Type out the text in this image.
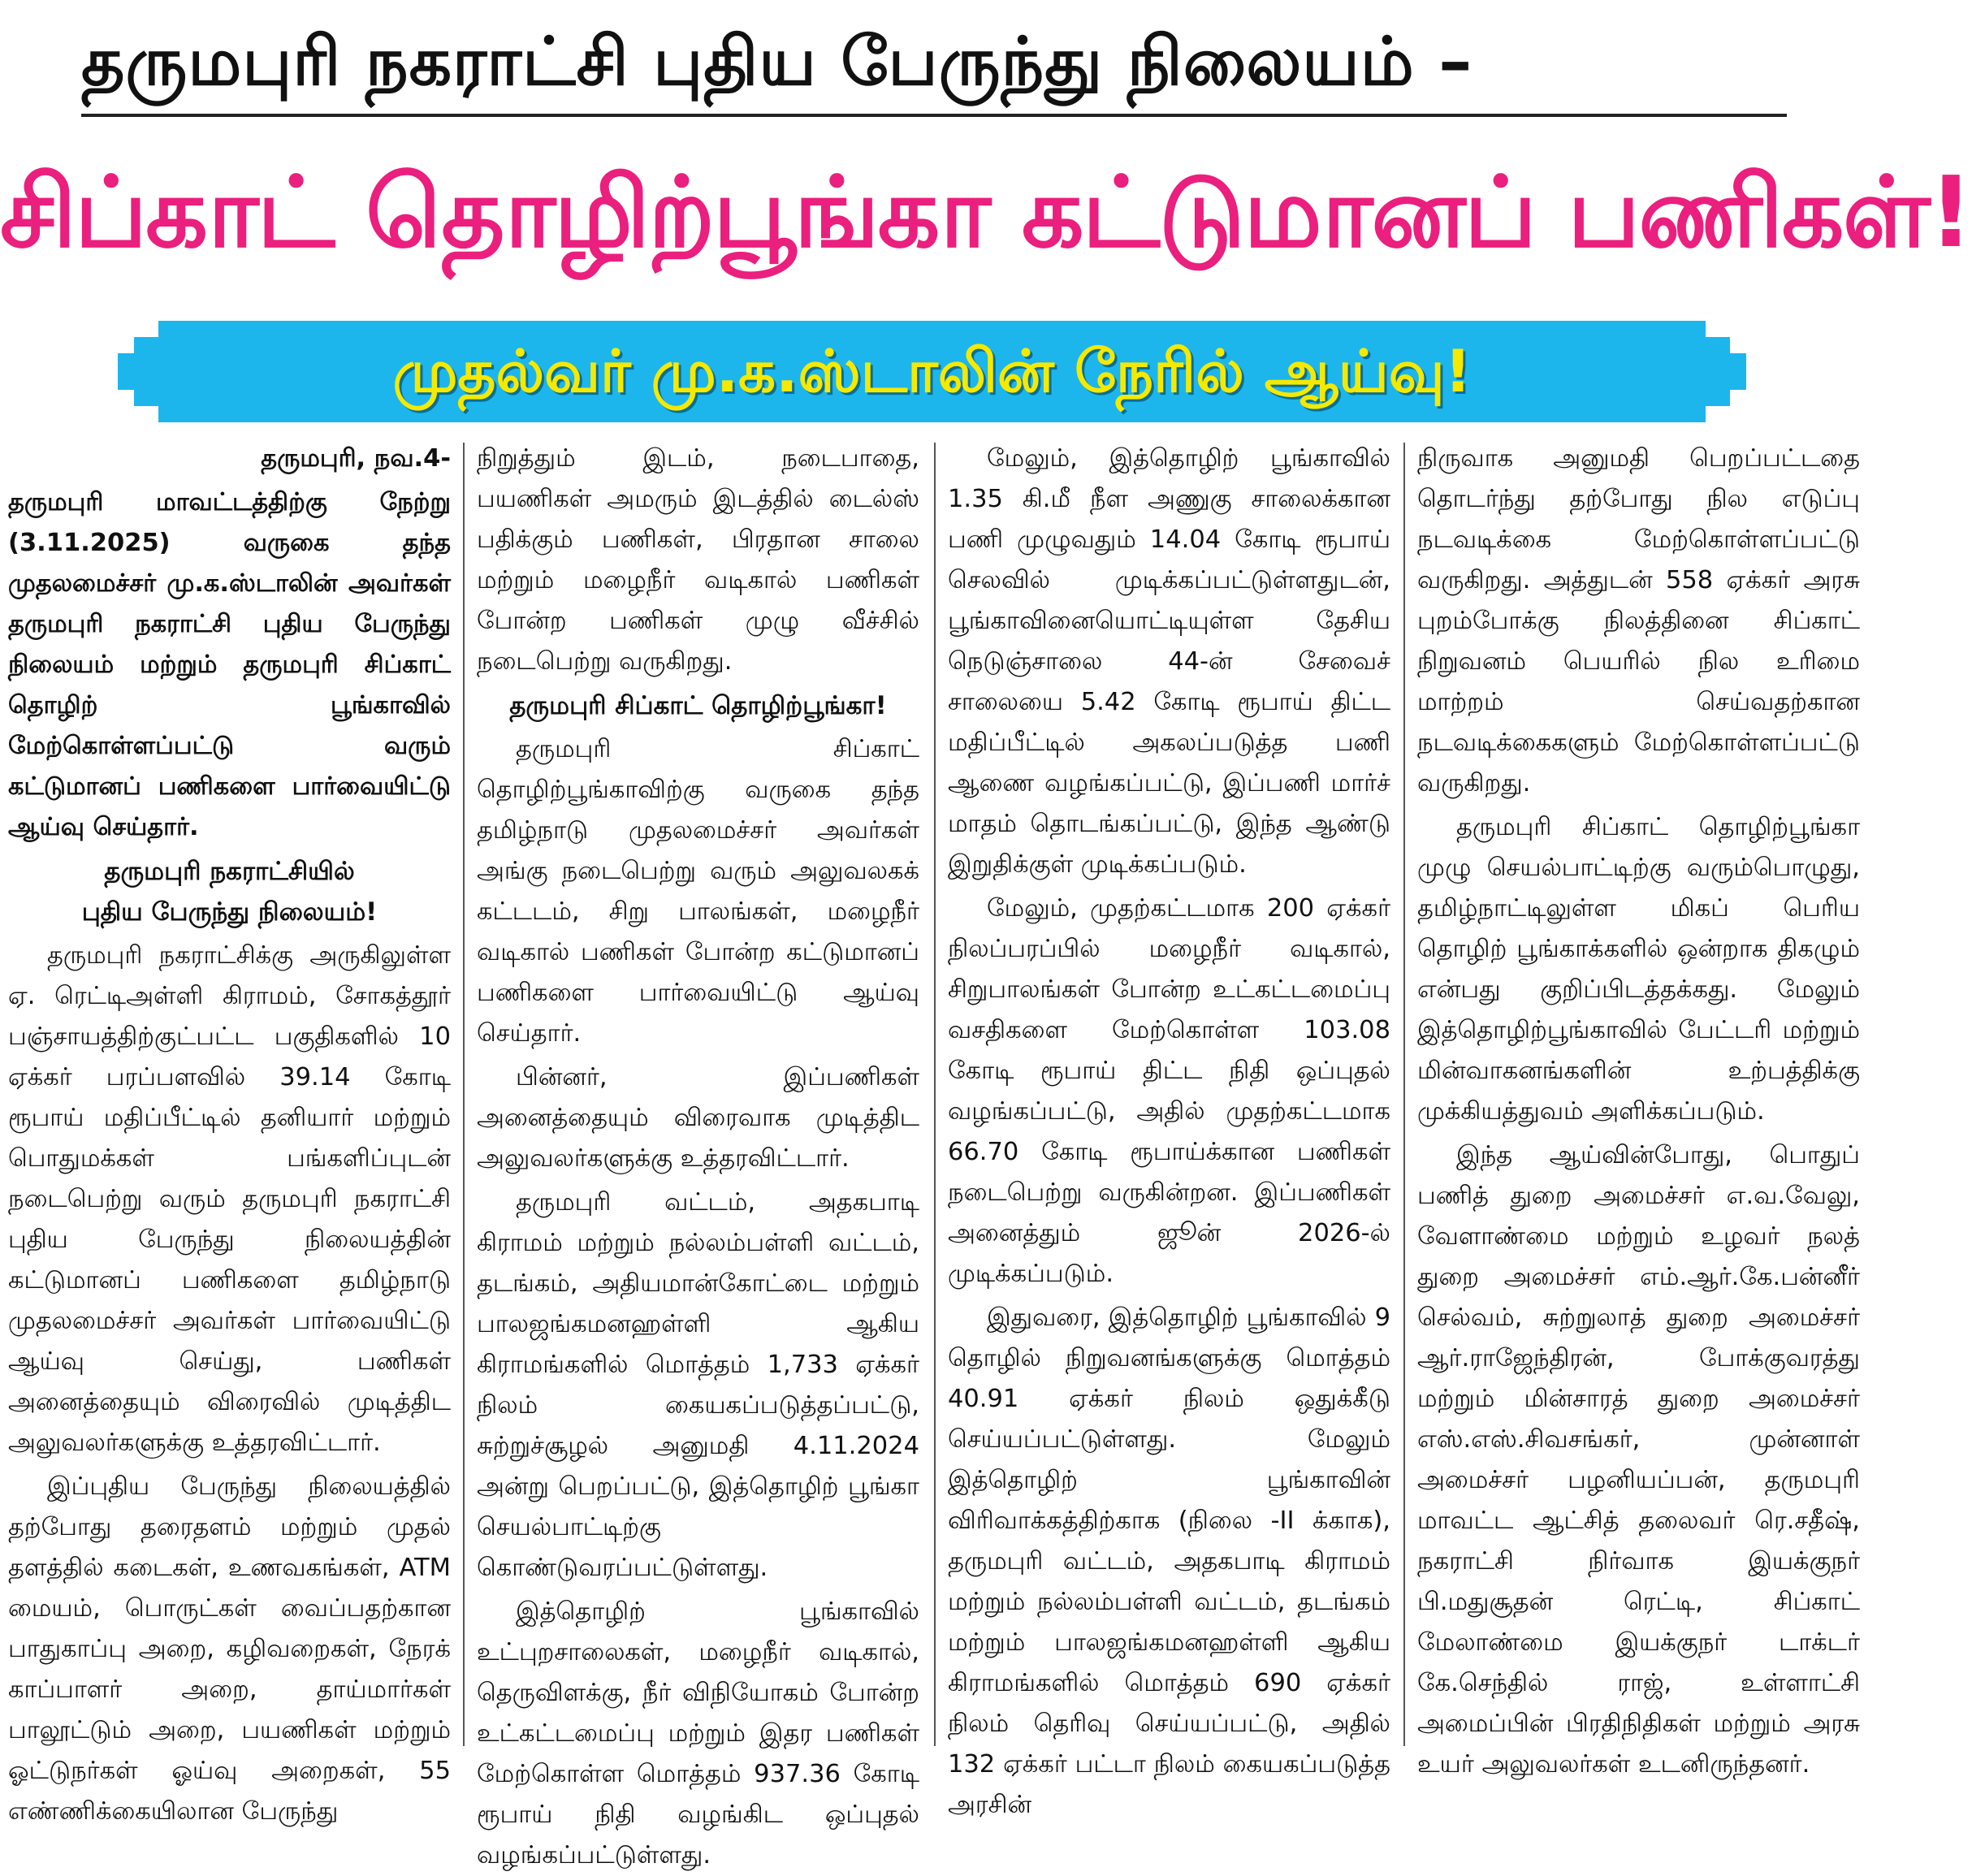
தருமபுரி நகராட்சி புதிய பேருந்து நிலையம் –
சிப்காட் தொழிற்பூங்கா கட்டுமானப் பணிகள்!
முதல்வர் மு.க.ஸ்டாலின் நேரில் ஆய்வு!

தருமபுரி, நவ.4-

தருமபுரி மாவட்டத்திற்கு நேற்று (3.11.2025) வருகை தந்த முதலமைச்சர் மு.க.ஸ்டாலின் அவர்கள் தருமபுரி நகராட்சி புதிய பேருந்து நிலையம் மற்றும் தருமபுரி சிப்காட் தொழிற் பூங்காவில் மேற்கொள்ளப்பட்டு வரும் கட்டுமானப் பணிகளை பார்வையிட்டு ஆய்வு செய்தார்.

தருமபுரி நகராட்சியில்
புதிய பேருந்து நிலையம்!

தருமபுரி நகராட்சிக்கு அருகிலுள்ள ஏ. ரெட்டிஅள்ளி கிராமம், சோகத்தூர் பஞ்சாயத்திற்குட்பட்ட பகுதிகளில் 10 ஏக்கர் பரப்பளவில் 39.14 கோடி ரூபாய் மதிப்பீட்டில் தனியார் மற்றும் பொதுமக்கள் பங்களிப்புடன் நடைபெற்று வரும் தருமபுரி நகராட்சி புதிய பேருந்து நிலையத்தின் கட்டுமானப் பணிகளை தமிழ்நாடு முதலமைச்சர் அவர்கள் பார்வையிட்டு ஆய்வு செய்து, பணிகள் அனைத்தையும் விரைவில் முடித்திட அலுவலர்களுக்கு உத்தரவிட்டார்.

இப்புதிய பேருந்து நிலையத்தில் தற்போது தரைதளம் மற்றும் முதல் தளத்தில் கடைகள், உணவகங்கள், ATM மையம், பொருட்கள் வைப்பதற்கான பாதுகாப்பு அறை, கழிவறைகள், நேரக் காப்பாளர் அறை, தாய்மார்கள் பாலூட்டும் அறை, பயணிகள் மற்றும் ஓட்டுநர்கள் ஓய்வு அறைகள், 55 எண்ணிக்கையிலான பேருந்து

நிறுத்தும் இடம், நடைபாதை, பயணிகள் அமரும் இடத்தில் டைல்ஸ் பதிக்கும் பணிகள், பிரதான சாலை மற்றும் மழைநீர் வடிகால் பணிகள் போன்ற பணிகள் முழு வீச்சில் நடைபெற்று வருகிறது.

தருமபுரி சிப்காட் தொழிற்பூங்கா!

தருமபுரி சிப்காட் தொழிற்பூங்காவிற்கு வருகை தந்த தமிழ்நாடு முதலமைச்சர் அவர்கள் அங்கு நடைபெற்று வரும் அலுவலகக் கட்டடம், சிறு பாலங்கள், மழைநீர் வடிகால் பணிகள் போன்ற கட்டுமானப் பணிகளை பார்வையிட்டு ஆய்வு செய்தார்.

பின்னர், இப்பணிகள் அனைத்தையும் விரைவாக முடித்திட அலுவலர்களுக்கு உத்தரவிட்டார்.

தருமபுரி வட்டம், அதகபாடி கிராமம் மற்றும் நல்லம்பள்ளி வட்டம், தடங்கம், அதியமான்கோட்டை மற்றும் பாலஜங்கமனஹள்ளி ஆகிய கிராமங்களில் மொத்தம் 1,733 ஏக்கர் நிலம் கையகப்படுத்தப்பட்டு, சுற்றுச்சூழல் அனுமதி 4.11.2024 அன்று பெறப்பட்டு, இத்தொழிற் பூங்கா செயல்பாட்டிற்கு கொண்டுவரப்பட்டுள்ளது.

இத்தொழிற் பூங்காவில் உட்புறசாலைகள், மழைநீர் வடிகால், தெருவிளக்கு, நீர் விநியோகம் போன்ற உட்கட்டமைப்பு மற்றும் இதர பணிகள் மேற்கொள்ள மொத்தம் 937.36 கோடி ரூபாய் நிதி வழங்கிட ஒப்புதல் வழங்கப்பட்டுள்ளது.

மேலும், இத்தொழிற் பூங்காவில் 1.35 கி.மீ நீள அணுகு சாலைக்கான பணி முழுவதும் 14.04 கோடி ரூபாய் செலவில் முடிக்கப்பட்டுள்ளதுடன், பூங்காவினையொட்டியுள்ள தேசிய நெடுஞ்சாலை 44-ன் சேவைச் சாலையை 5.42 கோடி ரூபாய் திட்ட மதிப்பீட்டில் அகலப்படுத்த பணி ஆணை வழங்கப்பட்டு, இப்பணி மார்ச் மாதம் தொடங்கப்பட்டு, இந்த ஆண்டு இறுதிக்குள் முடிக்கப்படும்.

மேலும், முதற்கட்டமாக 200 ஏக்கர் நிலப்பரப்பில் மழைநீர் வடிகால், சிறுபாலங்கள் போன்ற உட்கட்டமைப்பு வசதிகளை மேற்கொள்ள 103.08 கோடி ரூபாய் திட்ட நிதி ஒப்புதல் வழங்கப்பட்டு, அதில் முதற்கட்டமாக 66.70 கோடி ரூபாய்க்கான பணிகள் நடைபெற்று வருகின்றன. இப்பணிகள் அனைத்தும் ஜூன் 2026-ல் முடிக்கப்படும்.

இதுவரை, இத்தொழிற் பூங்காவில் 9 தொழில் நிறுவனங்களுக்கு மொத்தம் 40.91 ஏக்கர் நிலம் ஒதுக்கீடு செய்யப்பட்டுள்ளது. மேலும் இத்தொழிற் பூங்காவின் விரிவாக்கத்திற்காக (நிலை -II க்காக), தருமபுரி வட்டம், அதகபாடி கிராமம் மற்றும் நல்லம்பள்ளி வட்டம், தடங்கம் மற்றும் பாலஜங்கமனஹள்ளி ஆகிய கிராமங்களில் மொத்தம் 690 ஏக்கர் நிலம் தெரிவு செய்யப்பட்டு, அதில் 132 ஏக்கர் பட்டா நிலம் கையகப்படுத்த அரசின்

நிருவாக அனுமதி பெறப்பட்டதை தொடர்ந்து தற்போது நில எடுப்பு நடவடிக்கை மேற்கொள்ளப்பட்டு வருகிறது. அத்துடன் 558 ஏக்கர் அரசு புறம்போக்கு நிலத்தினை சிப்காட் நிறுவனம் பெயரில் நில உரிமை மாற்றம் செய்வதற்கான நடவடிக்கைகளும் மேற்கொள்ளப்பட்டு வருகிறது.

தருமபுரி சிப்காட் தொழிற்பூங்கா முழு செயல்பாட்டிற்கு வரும்பொழுது, தமிழ்நாட்டிலுள்ள மிகப் பெரிய தொழிற் பூங்காக்களில் ஒன்றாக திகழும் என்பது குறிப்பிடத்தக்கது. மேலும் இத்தொழிற்பூங்காவில் பேட்டரி மற்றும் மின்வாகனங்களின் உற்பத்திக்கு முக்கியத்துவம் அளிக்கப்படும்.

இந்த ஆய்வின்போது, பொதுப் பணித் துறை அமைச்சர் எ.வ.வேலு, வேளாண்மை மற்றும் உழவர் நலத் துறை அமைச்சர் எம்.ஆர்.கே.பன்னீர் செல்வம், சுற்றுலாத் துறை அமைச்சர் ஆர்.ராஜேந்திரன், போக்குவரத்து மற்றும் மின்சாரத் துறை அமைச்சர் எஸ்.எஸ்.சிவசங்கர், முன்னாள் அமைச்சர் பழனியப்பன், தருமபுரி மாவட்ட ஆட்சித் தலைவர் ரெ.சதீஷ், நகராட்சி நிர்வாக இயக்குநர் பி.மதுசூதன் ரெட்டி, சிப்காட் மேலாண்மை இயக்குநர் டாக்டர் கே.செந்தில் ராஜ், உள்ளாட்சி அமைப்பின் பிரதிநிதிகள் மற்றும் அரசு உயர் அலுவலர்கள் உடனிருந்தனர்.
